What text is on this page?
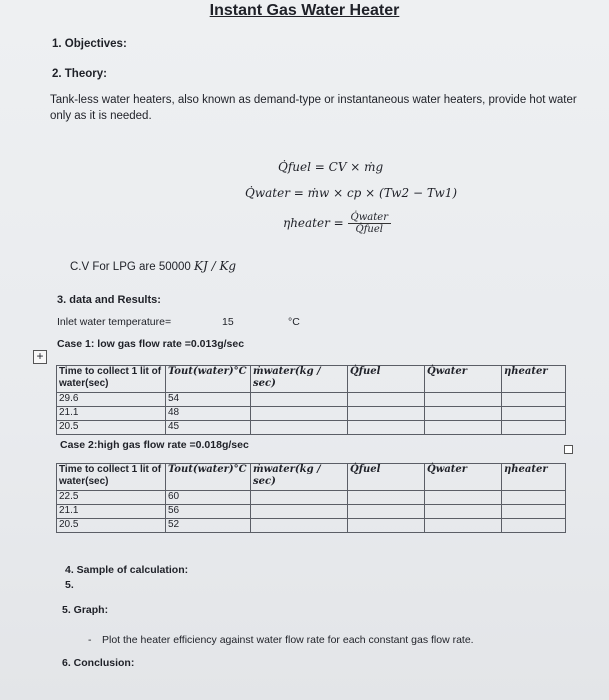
Instant Gas Water Heater
1. Objectives:
2. Theory:
Tank-less water heaters, also known as demand-type or instantaneous water heaters, provide hot water only as it is needed.
Q̇fuel = CV × ṁg
Q̇water = ṁw × cp × (Tw2 − Tw1)
ηheater = $\frac{\text{Q̇water}}{\text{Q̇fuel}}$
C.V For LPG are 50000 KJ / Kg
3. data and Results:
Inlet water temperature=	15	°C
Case 1: low gas flow rate =0.013g/sec
+
Time to collect 1 lit of water(sec)	Tout(water)°C	ṁwater(kg / sec)	Q̇fuel	Q̇water	ηheater
29.6	54				
21.1	48				
20.5	45				
Case 2:high gas flow rate =0.018g/sec
Time to collect 1 lit of water(sec)	Tout(water)°C	ṁwater(kg / sec)	Q̇fuel	Q̇water	ηheater
22.5	60				
21.1	56				
20.5	52				
4. Sample of calculation:
5.
5. Graph:
- Plot the heater efficiency against water flow rate for each constant gas flow rate.
6. Conclusion:
